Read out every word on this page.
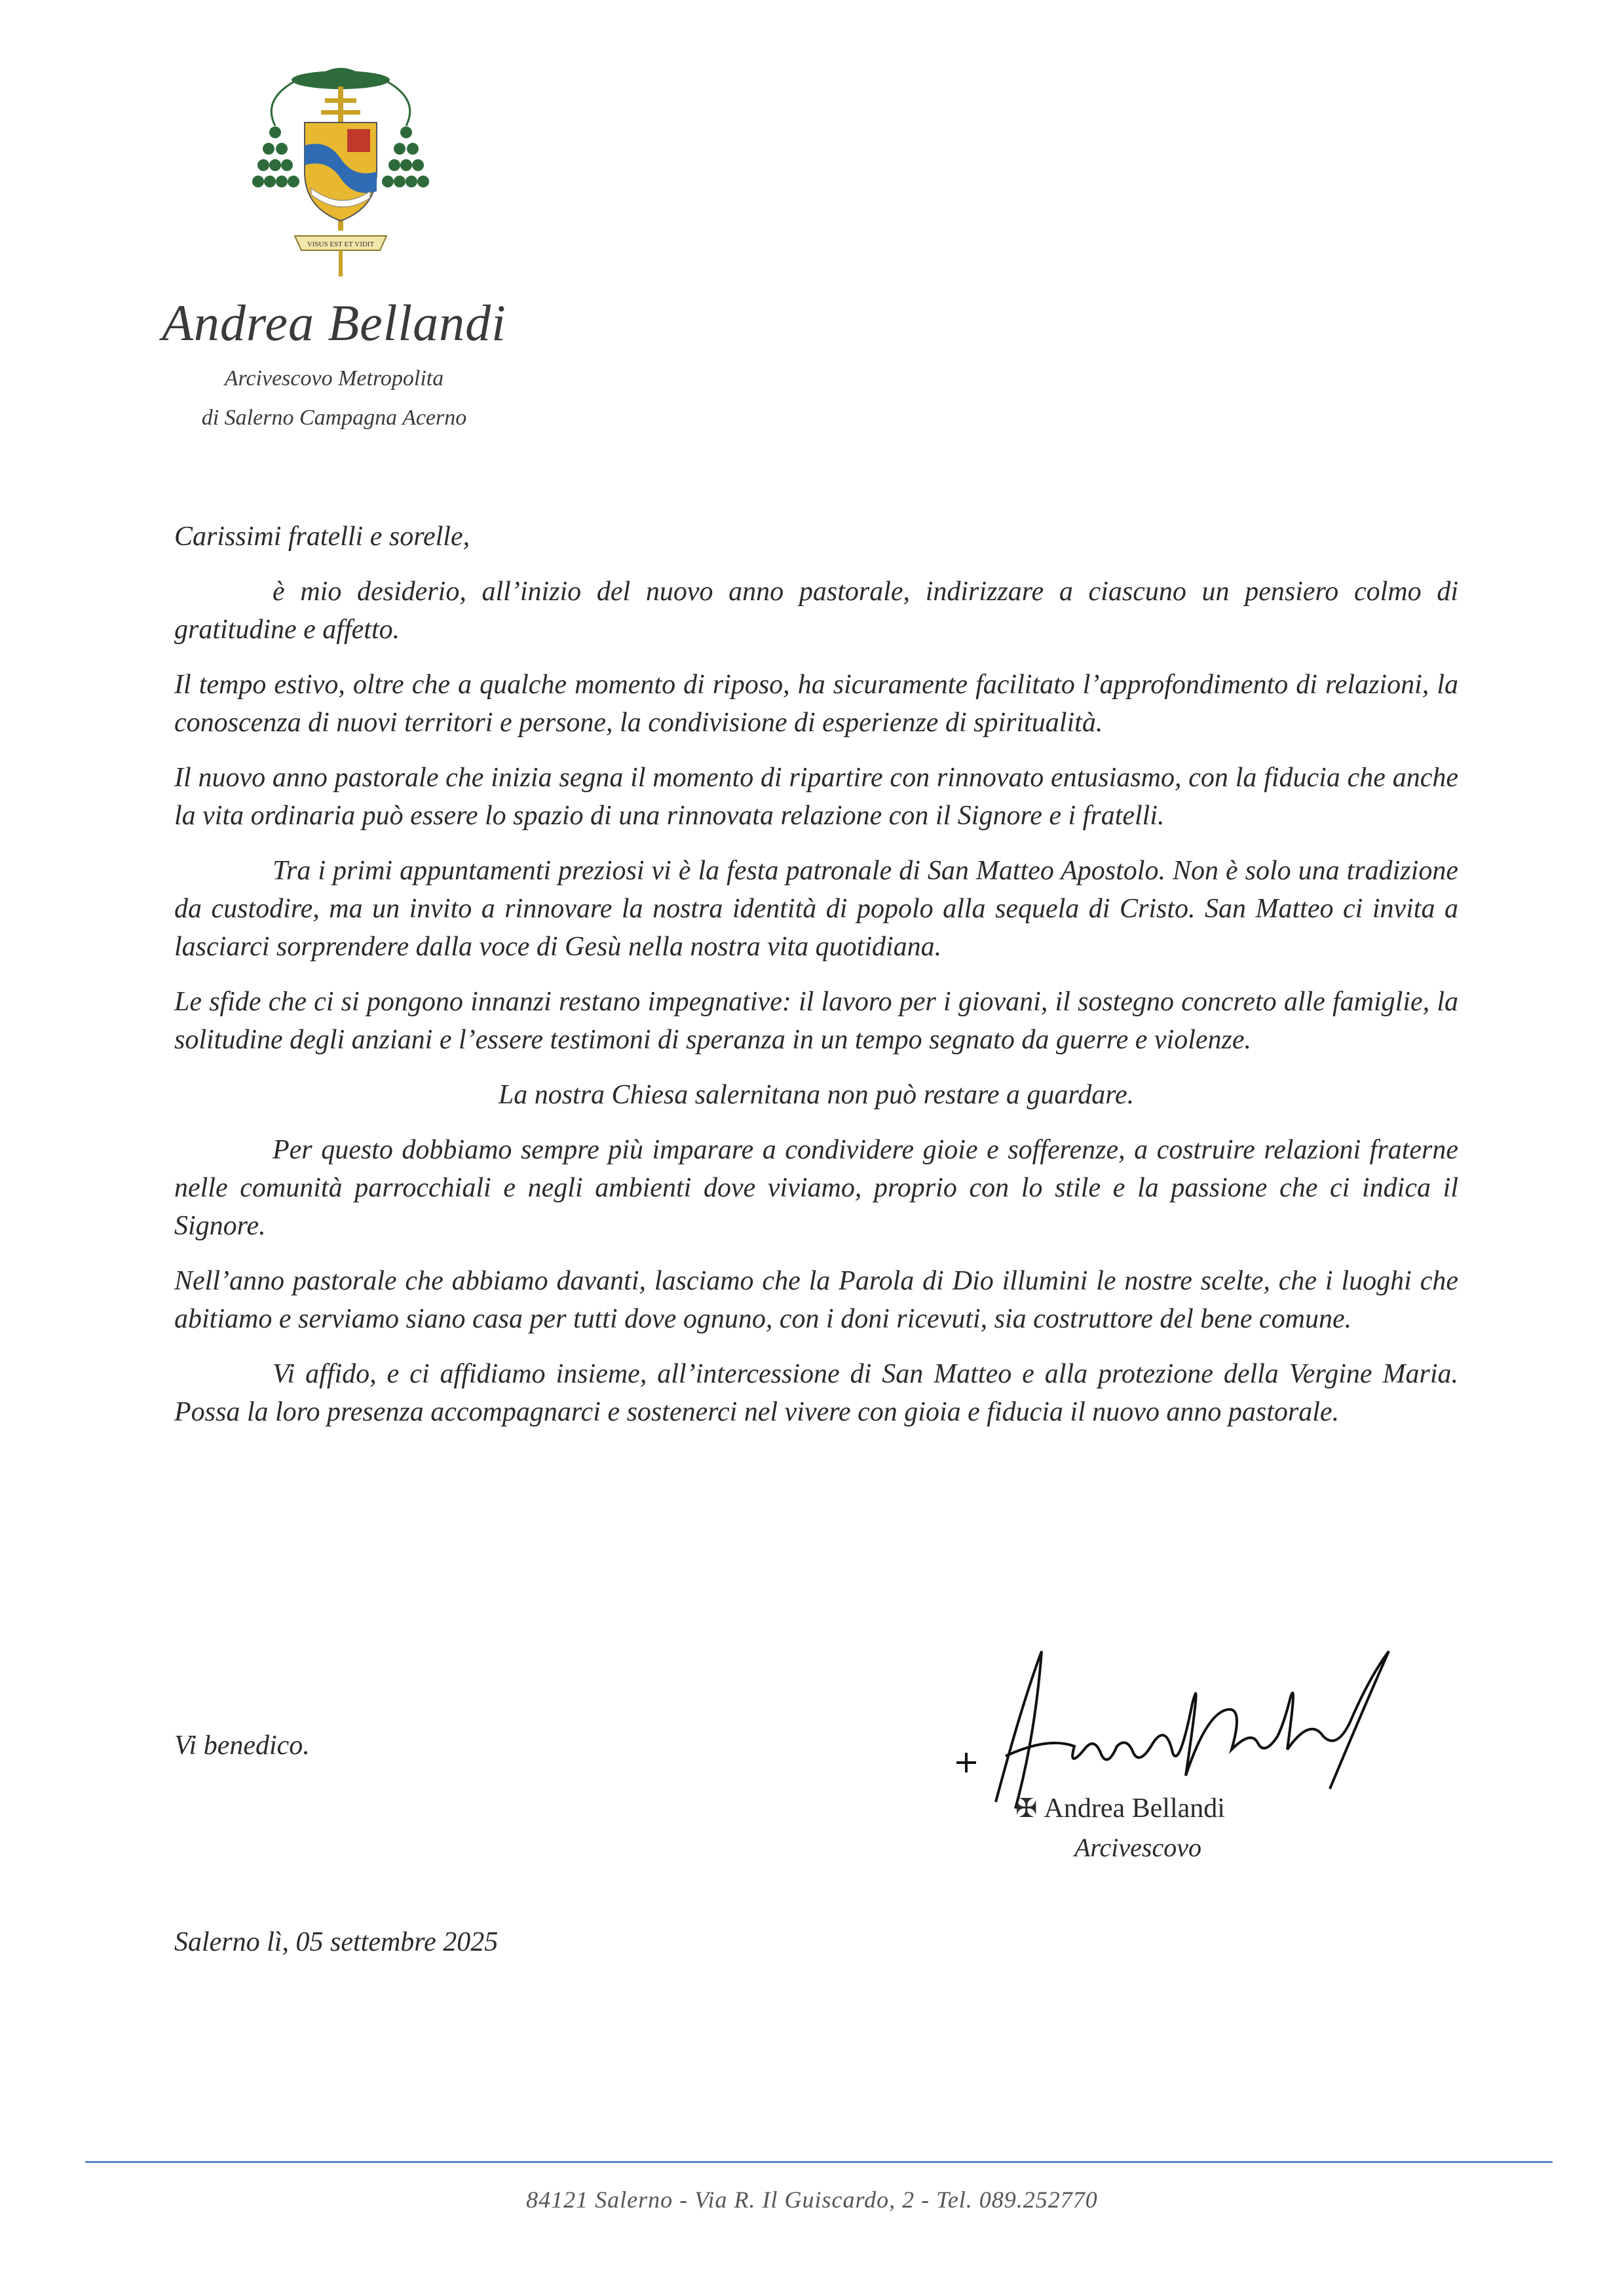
VISUS EST ET VIDIT
Andrea Bellandi
Arcivescovo Metropolita
di Salerno Campagna Acerno

Carissimi fratelli e sorelle,

è mio desiderio, all’inizio del nuovo anno pastorale, indirizzare a ciascuno un pensiero colmo di gratitudine e affetto.

Il tempo estivo, oltre che a qualche momento di riposo, ha sicuramente facilitato l’approfondimento di relazioni, la conoscenza di nuovi territori e persone, la condivisione di esperienze di spiritualità.

Il nuovo anno pastorale che inizia segna il momento di ripartire con rinnovato entusiasmo, con la fiducia che anche la vita ordinaria può essere lo spazio di una rinnovata relazione con il Signore e i fratelli.

Tra i primi appuntamenti preziosi vi è la festa patronale di San Matteo Apostolo. Non è solo una tradizione da custodire, ma un invito a rinnovare la nostra identità di popolo alla sequela di Cristo. San Matteo ci invita a lasciarci sorprendere dalla voce di Gesù nella nostra vita quotidiana.

Le sfide che ci si pongono innanzi restano impegnative: il lavoro per i giovani, il sostegno concreto alle famiglie, la solitudine degli anziani e l’essere testimoni di speranza in un tempo segnato da guerre e violenze.

La nostra Chiesa salernitana non può restare a guardare.

Per questo dobbiamo sempre più imparare a condividere gioie e sofferenze, a costruire relazioni fraterne nelle comunità parrocchiali e negli ambienti dove viviamo, proprio con lo stile e la passione che ci indica il Signore.

Nell’anno pastorale che abbiamo davanti, lasciamo che la Parola di Dio illumini le nostre scelte, che i luoghi che abitiamo e serviamo siano casa per tutti dove ognuno, con i doni ricevuti, sia costruttore del bene comune.

Vi affido, e ci affidiamo insieme, all’intercessione di San Matteo e alla protezione della Vergine Maria. Possa la loro presenza accompagnarci e sostenerci nel vivere con gioia e fiducia il nuovo anno pastorale.

Vi benedico.
✠ Andrea Bellandi
Arcivescovo
Salerno lì, 05 settembre 2025
84121 Salerno - Via R. Il Guiscardo, 2 - Tel. 089.252770
